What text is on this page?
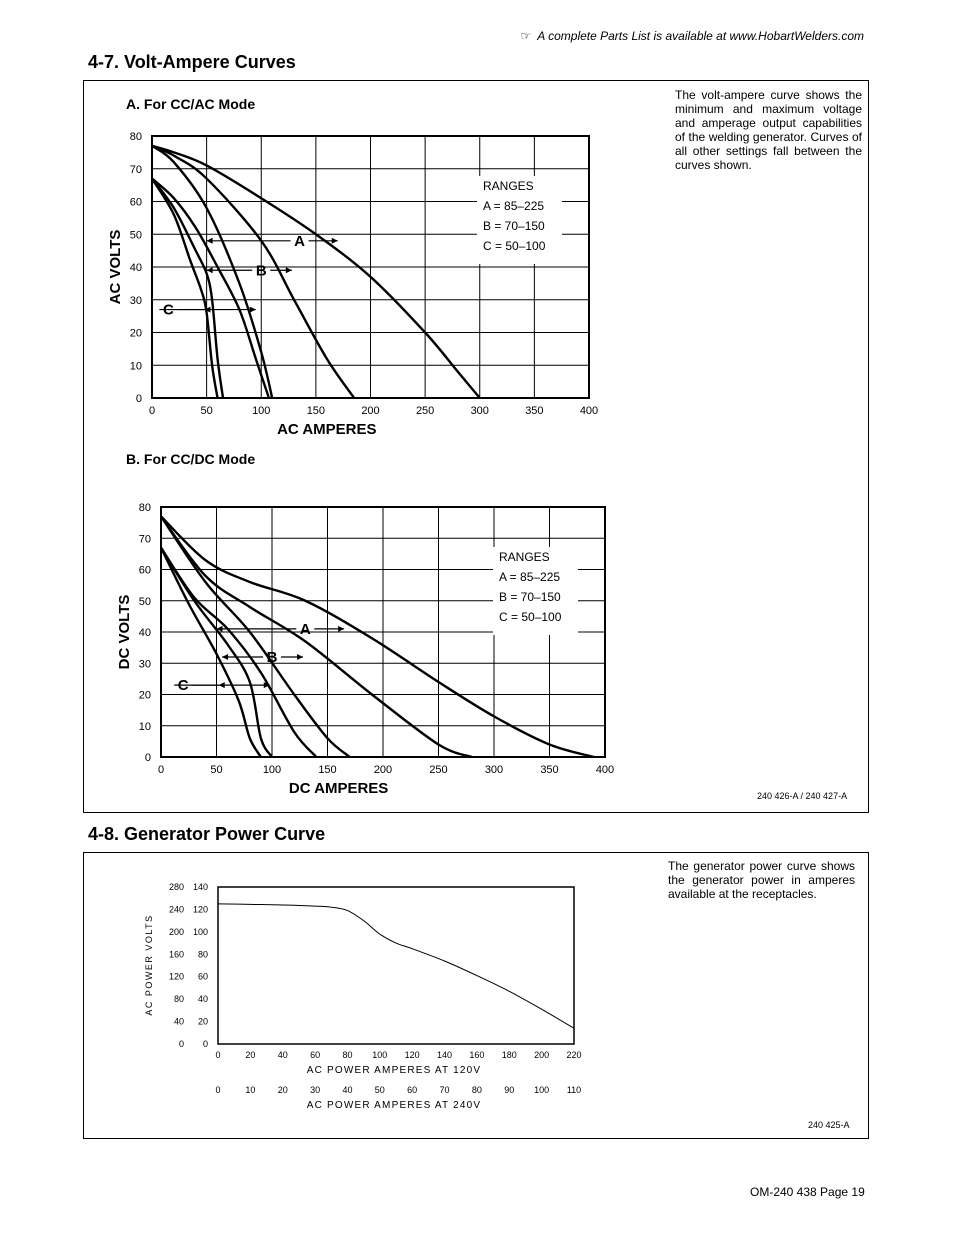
☞ A complete Parts List is available at www.HobartWelders.com
4-7. Volt-Ampere Curves
The volt-ampere curve shows the minimum and maximum voltage and amperage output capabilities of the welding generator. Curves of all other settings fall between the curves shown.
240 426-A / 240 427-A
A. For CC/AC Mode
B. For CC/DC Mode
0	50	100	150	200	250	300	350	400
0
10
20
30
40
50
60
70
80
RANGES
A = 85–225
B = 70–150
C = 50–100
AC AMPERES
AC VOLTS	A
B
C
0	50	100	150	200	250	300	350	400
0
10
20
30
40
50
60
70
80
RANGES
A = 85–225
B = 70–150
C = 50–100
DC AMPERES
DC VOLTS	A
B
C
4-8. Generator Power Curve
The generator power curve shows the generator power in amperes available at the receptacles.
240 425-A
0 0
40 20
80 40
120 60
160 80
200 100
240 120
280 140
0
0
20
10
40
20
60
30
80
40
100
50
120
60
140
70
160
80
180
90
200
100
220
110
AC POWER AMPERES AT 120V
AC POWER AMPERES AT 240V
AC POWER VOLTS
OM-240 438 Page 19
